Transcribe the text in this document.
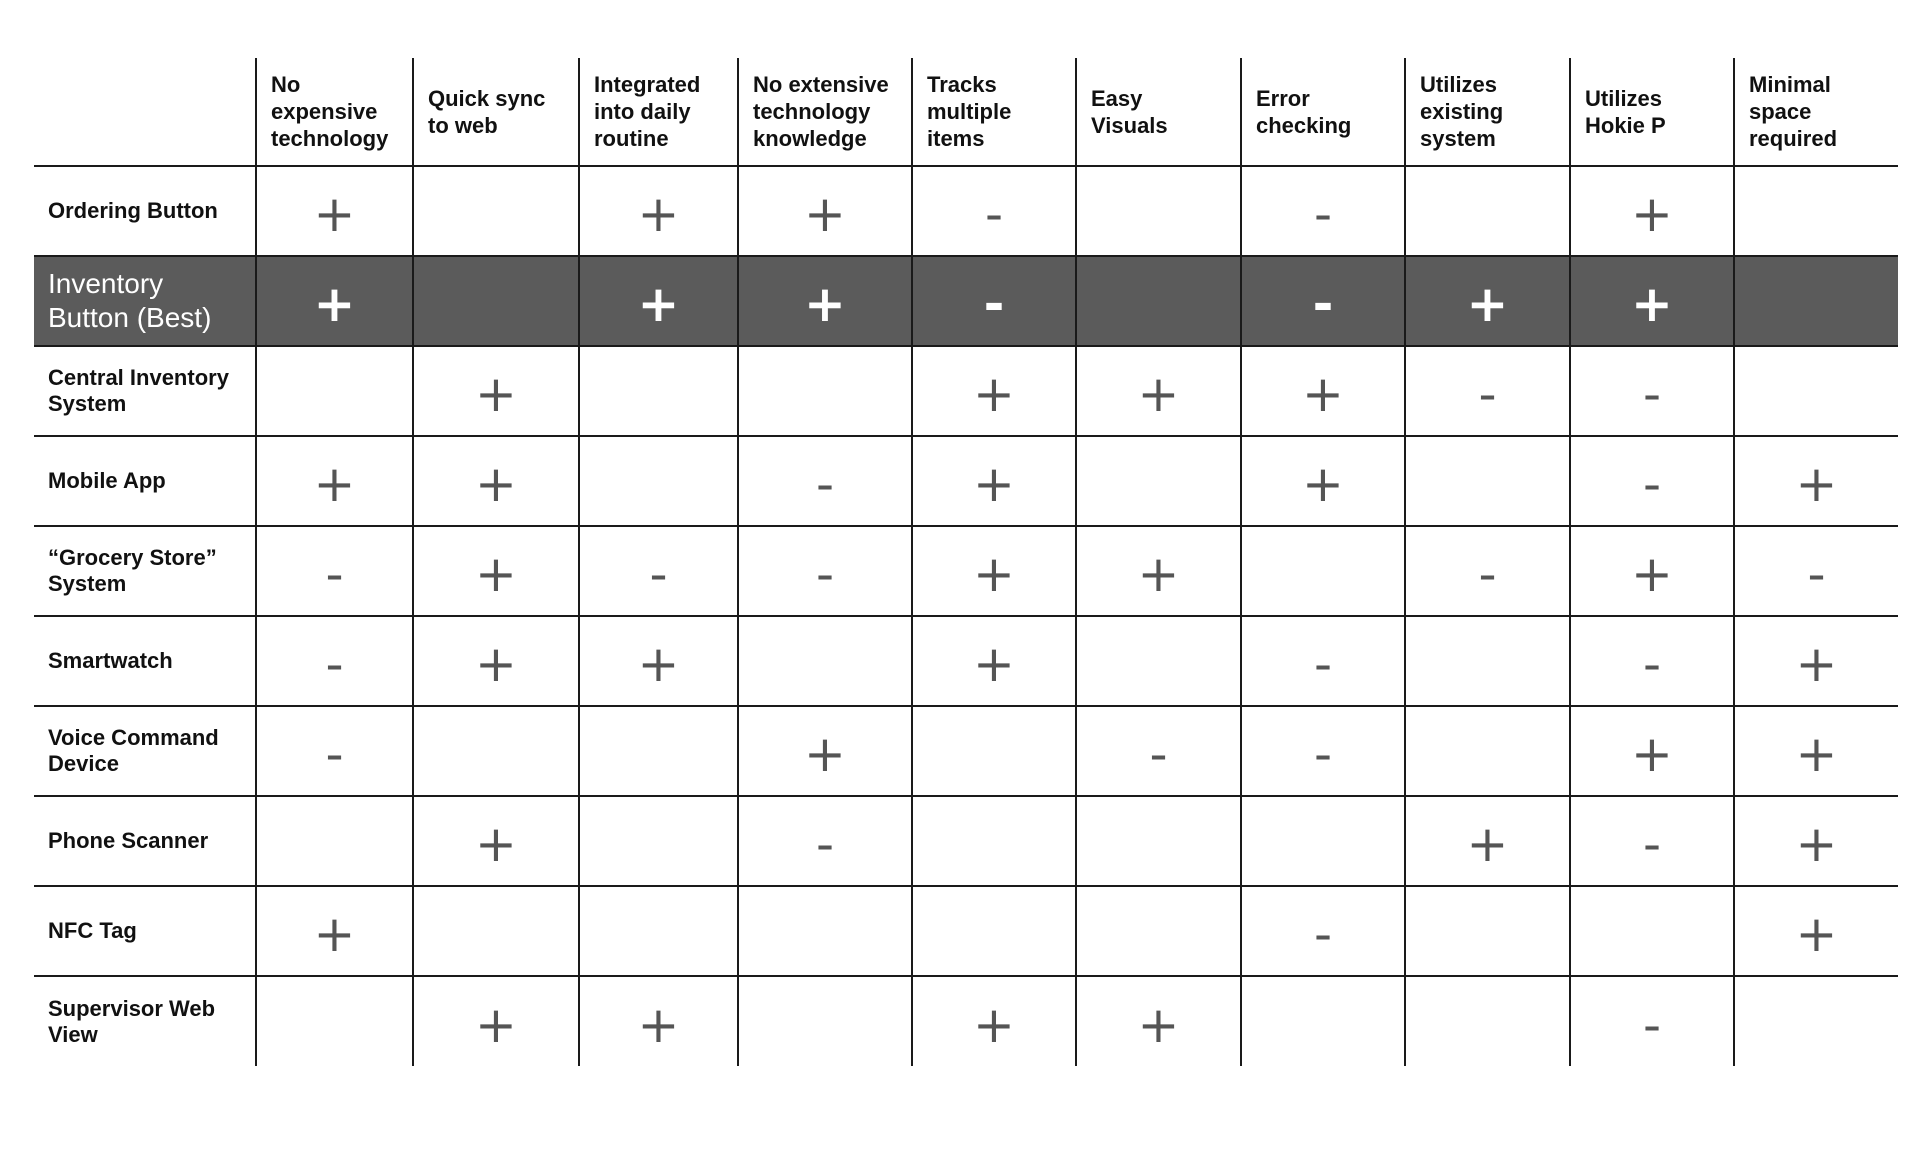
	No
expensive
technology	Quick sync
to web	Integrated
into daily
routine	No extensive
technology
knowledge	Tracks
multiple
items	Easy
Visuals	Error
checking	Utilizes
existing
system	Utilizes
Hokie P	Minimal
space
required
Ordering Button	+		+	+	-		-		+	
Inventory
Button (Best)	+		+	+	-		-	+	+	
Central Inventory
System		+			+	+	+	-	-	
Mobile App	+	+		-	+		+		-	+
“Grocery Store”
System	-	+	-	-	+	+		-	+	-
Smartwatch	-	+	+		+		-		-	+
Voice Command
Device	-			+		-	-		+	+
Phone Scanner		+		-				+	-	+
NFC Tag	+						-			+
Supervisor Web
View		+	+		+	+			-	
